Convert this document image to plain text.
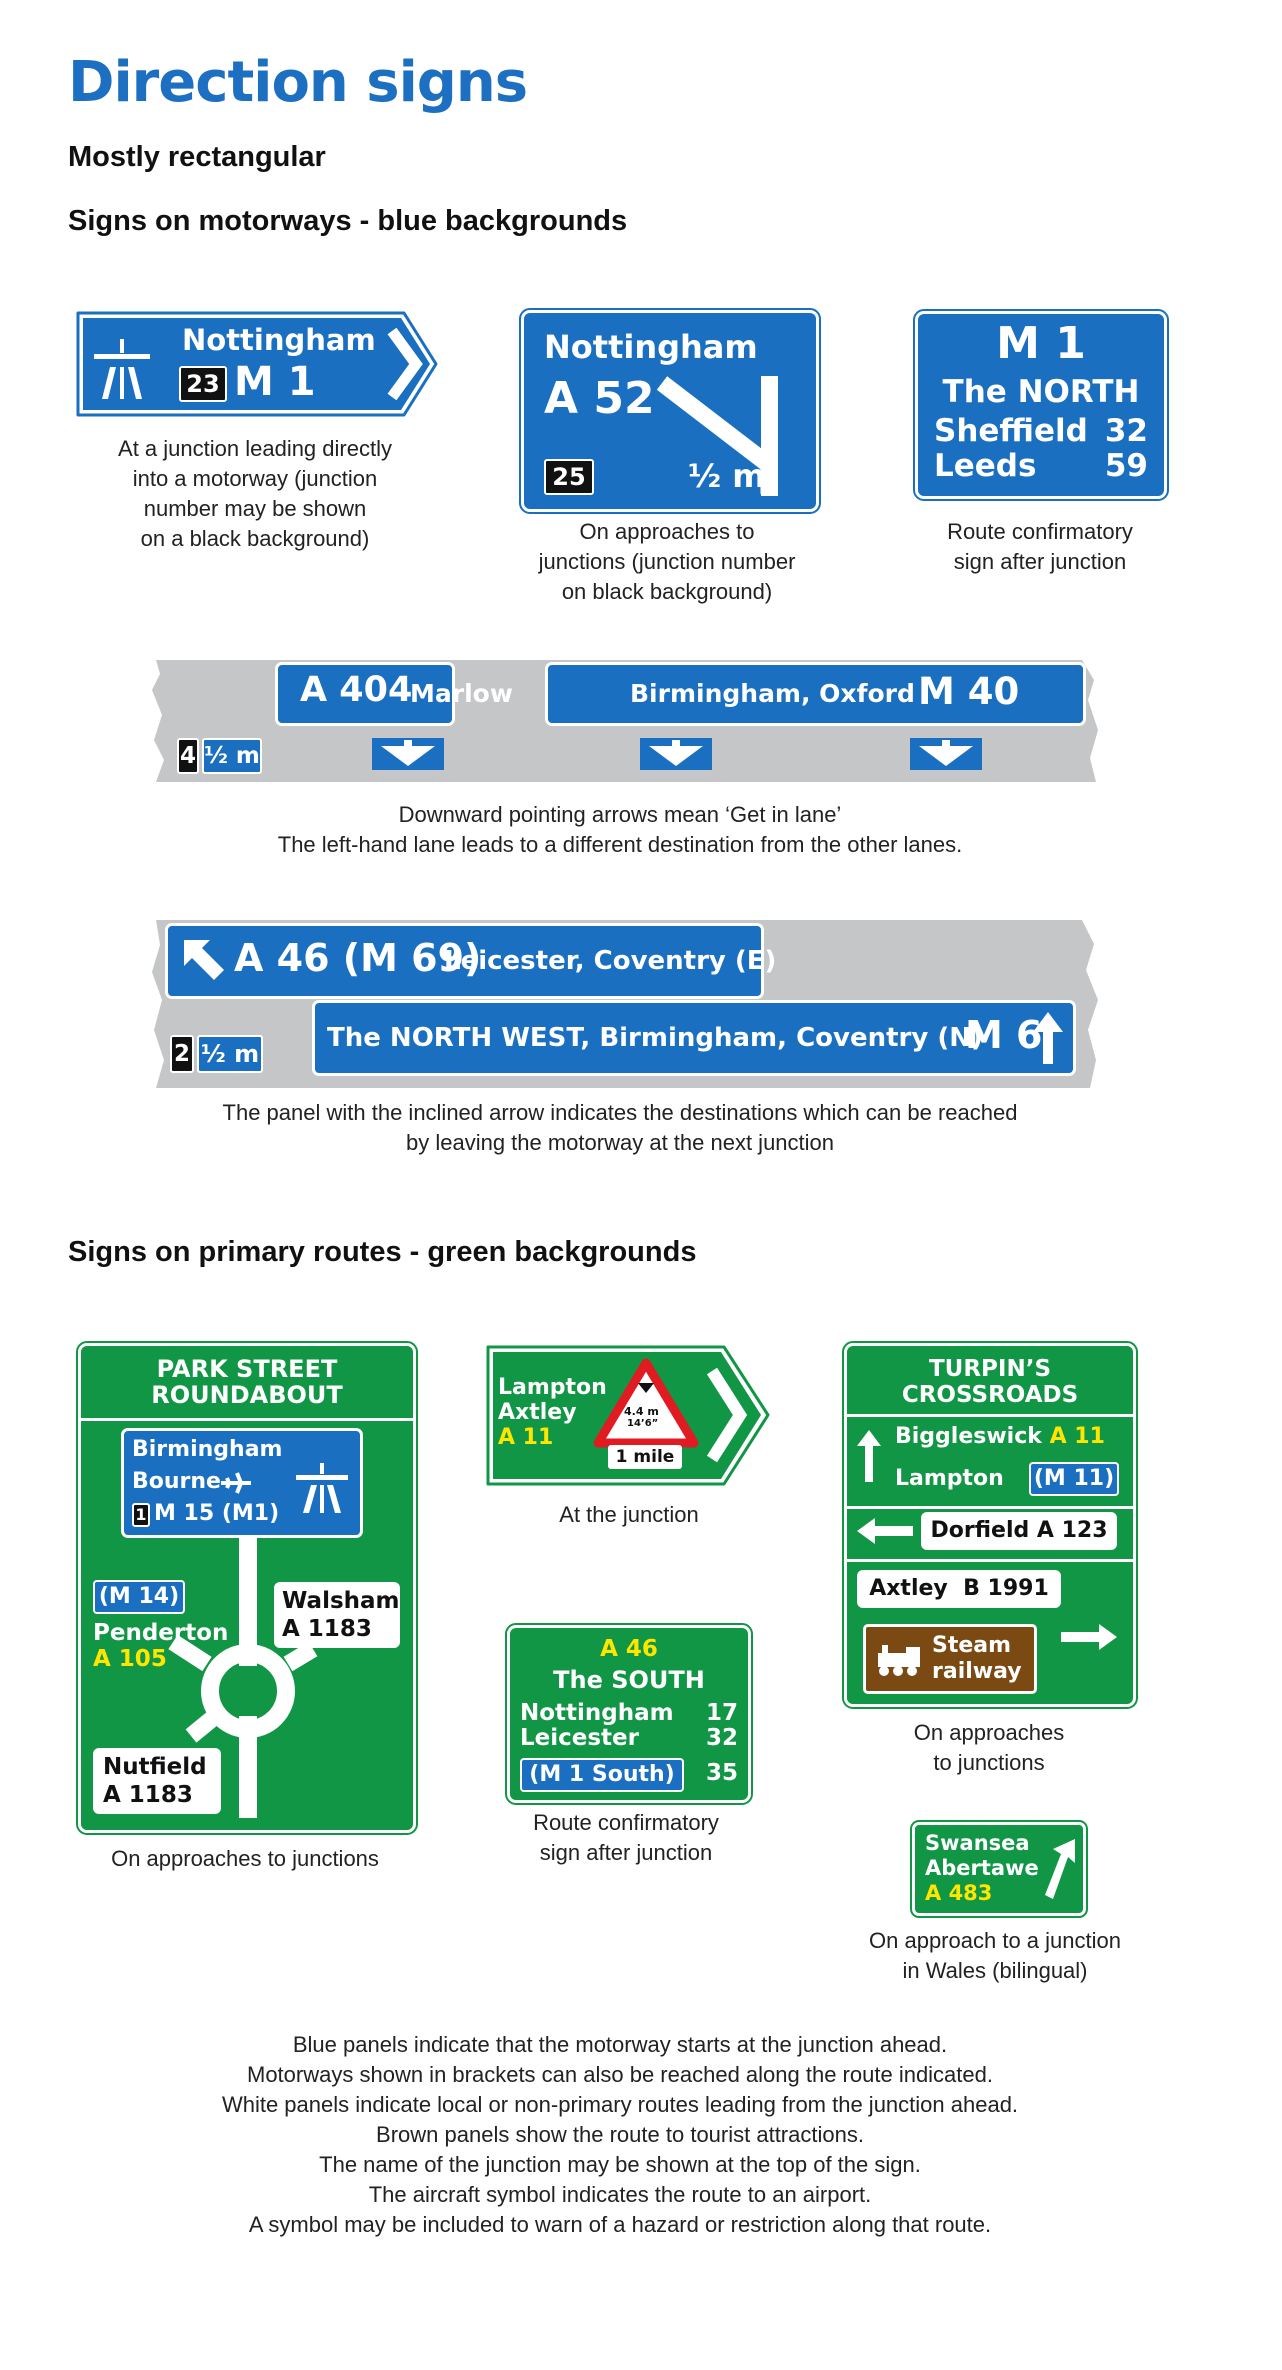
Direction signs
Mostly rectangular
Signs on motorways - blue backgrounds
Nottingham
23 M 1
At a junction leading directly
into a motorway (junction
number may be shown
on a black background)
Nottingham
A 52
25	½ m
On approaches to
junctions (junction number
on black background)
M 1
The NORTH
Sheffield 32
Leeds 59
Route confirmatory
sign after junction
A 404
Marlow	Birmingham, Oxford M 40
4 ½ m
Downward pointing arrows mean ‘Get in lane’
The left-hand lane leads to a different destination from the other lanes.
A 46 (M 69)
Leicester, Coventry (E)
The NORTH WEST, Birmingham, Coventry (N)
M 6
2 ½ m
The panel with the inclined arrow indicates the destinations which can be reached
by leaving the motorway at the next junction
Signs on primary routes - green backgrounds
PARK STREET
ROUNDABOUT
Birmingham
Bourne
1 M 15 (M1)
(M 14)
Penderton
A 105
Walsham
A 1183
Nutfield
A 1183
On approaches to junctions
Lampton
Axtley
A 11
4.4 m
14’6”
1 mile
At the junction
A 46
The SOUTH
Nottingham 17
Leicester	32
(M 1 South)	35
Route confirmatory
sign after junction
TURPIN’S
CROSSROADS
Biggleswick A 11
Lampton (M 11)
Dorfield A 123
Axtley B 1991
Steam
railway
On approaches
to junctions
Swansea
Abertawe
A 483
On approach to a junction
in Wales (bilingual)
Blue panels indicate that the motorway starts at the junction ahead.
Motorways shown in brackets can also be reached along the route indicated.
White panels indicate local or non-primary routes leading from the junction ahead.
Brown panels show the route to tourist attractions.
The name of the junction may be shown at the top of the sign.
The aircraft symbol indicates the route to an airport.
A symbol may be included to warn of a hazard or restriction along that route.
